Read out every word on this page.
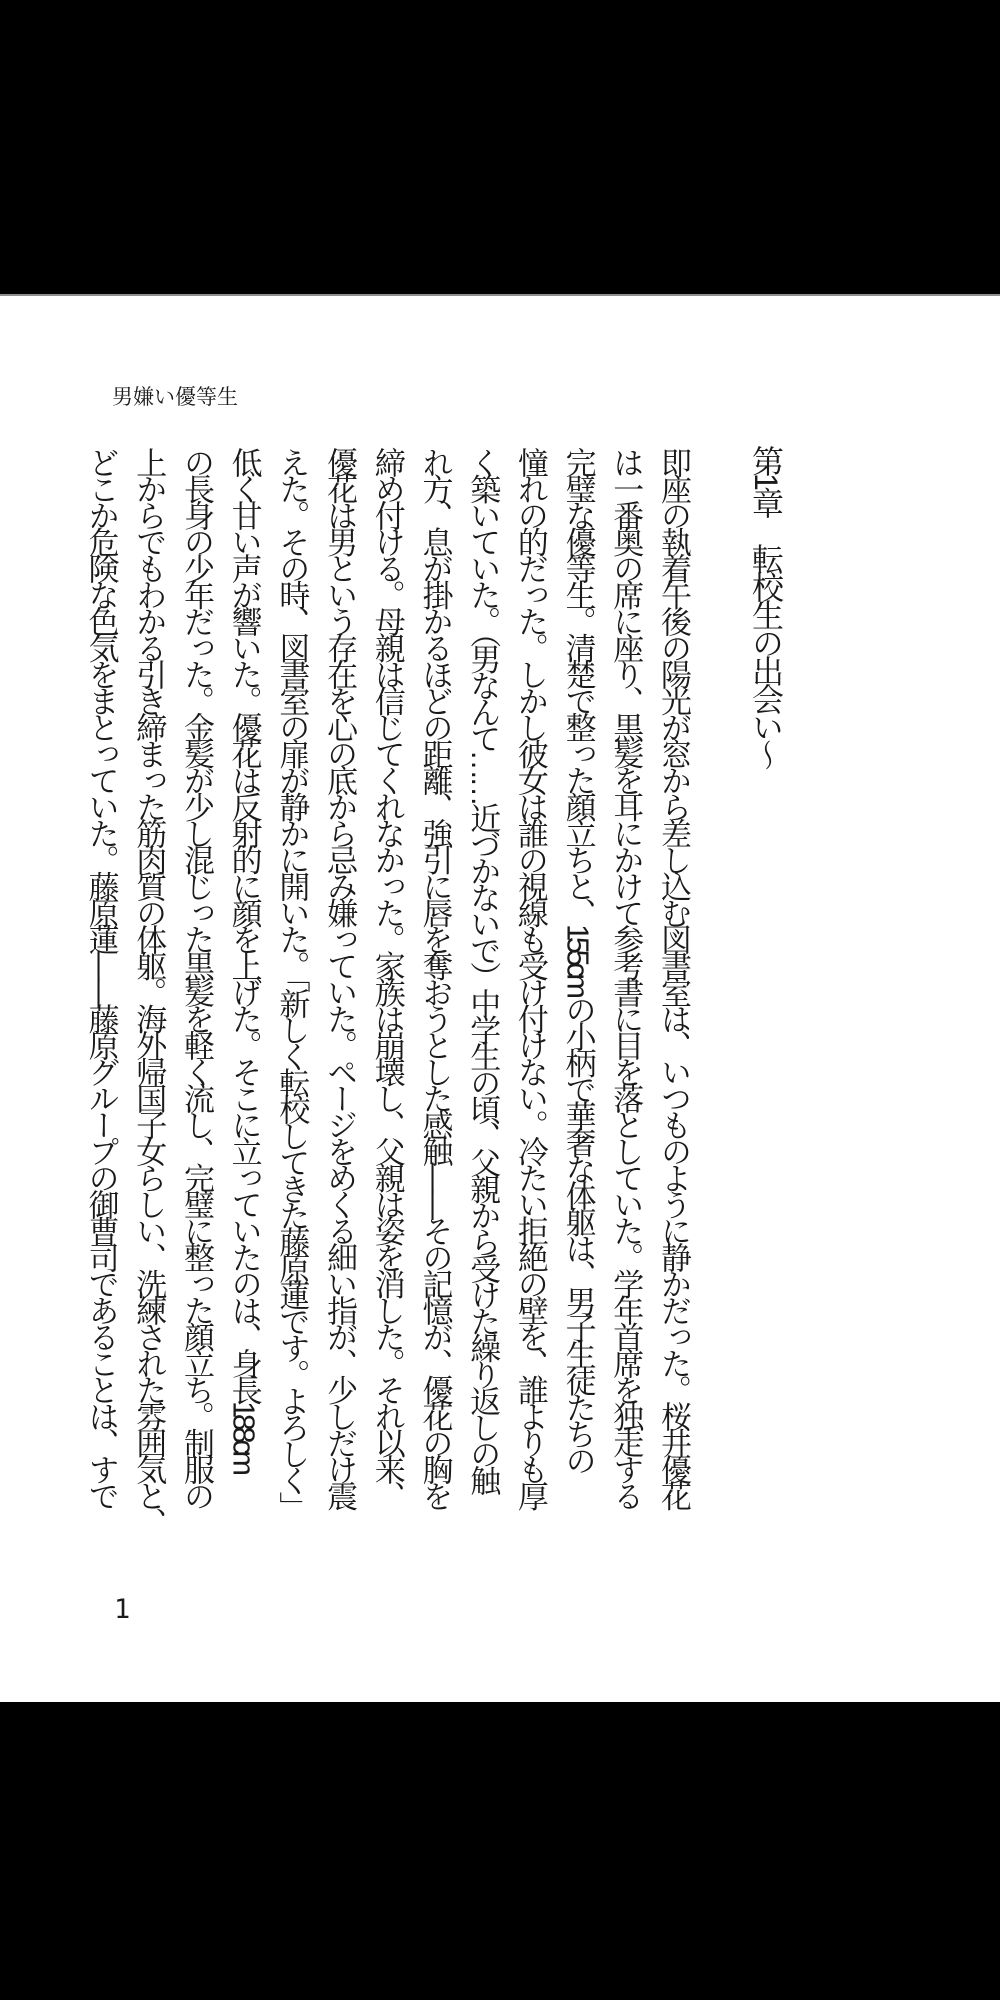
男嫌い優等生
第1章　転校生の出会い〜
即座の執着午後の陽光が窓から差し込む図書室は、いつものように静かだった。桜井優花
は一番奥の席に座り、黒髪を耳にかけて参考書に目を落としていた。学年首席を独走する
完璧な優等生。清楚で整った顔立ちと、155cmの小柄で華奢な体躯は、男子生徒たちの
憧れの的だった。しかし彼女は誰の視線も受け付けない。冷たい拒絶の壁を、誰よりも厚
く築いていた。（男なんて……近づかないで）中学生の頃、父親から受けた繰り返しの触
れ方、息が掛かるほどの距離、強引に唇を奪おうとした感触——その記憶が、優花の胸を
締め付ける。母親は信じてくれなかった。家族は崩壊し、父親は姿を消した。それ以来、
優花は男という存在を心の底から忌み嫌っていた。ページをめくる細い指が、少しだけ震
えた。その時、図書室の扉が静かに開いた。「新しく転校してきた藤原蓮です。よろしく」
低く甘い声が響いた。優花は反射的に顔を上げた。そこに立っていたのは、身長188cm
の長身の少年だった。金髪が少し混じった黒髪を軽く流し、完璧に整った顔立ち。制服の
上からでもわかる引き締まった筋肉質の体躯。海外帰国子女らしい、洗練された雰囲気と、
どこか危険な色気をまとっていた。藤原蓮——藤原グループの御曹司であることは、すで
1
